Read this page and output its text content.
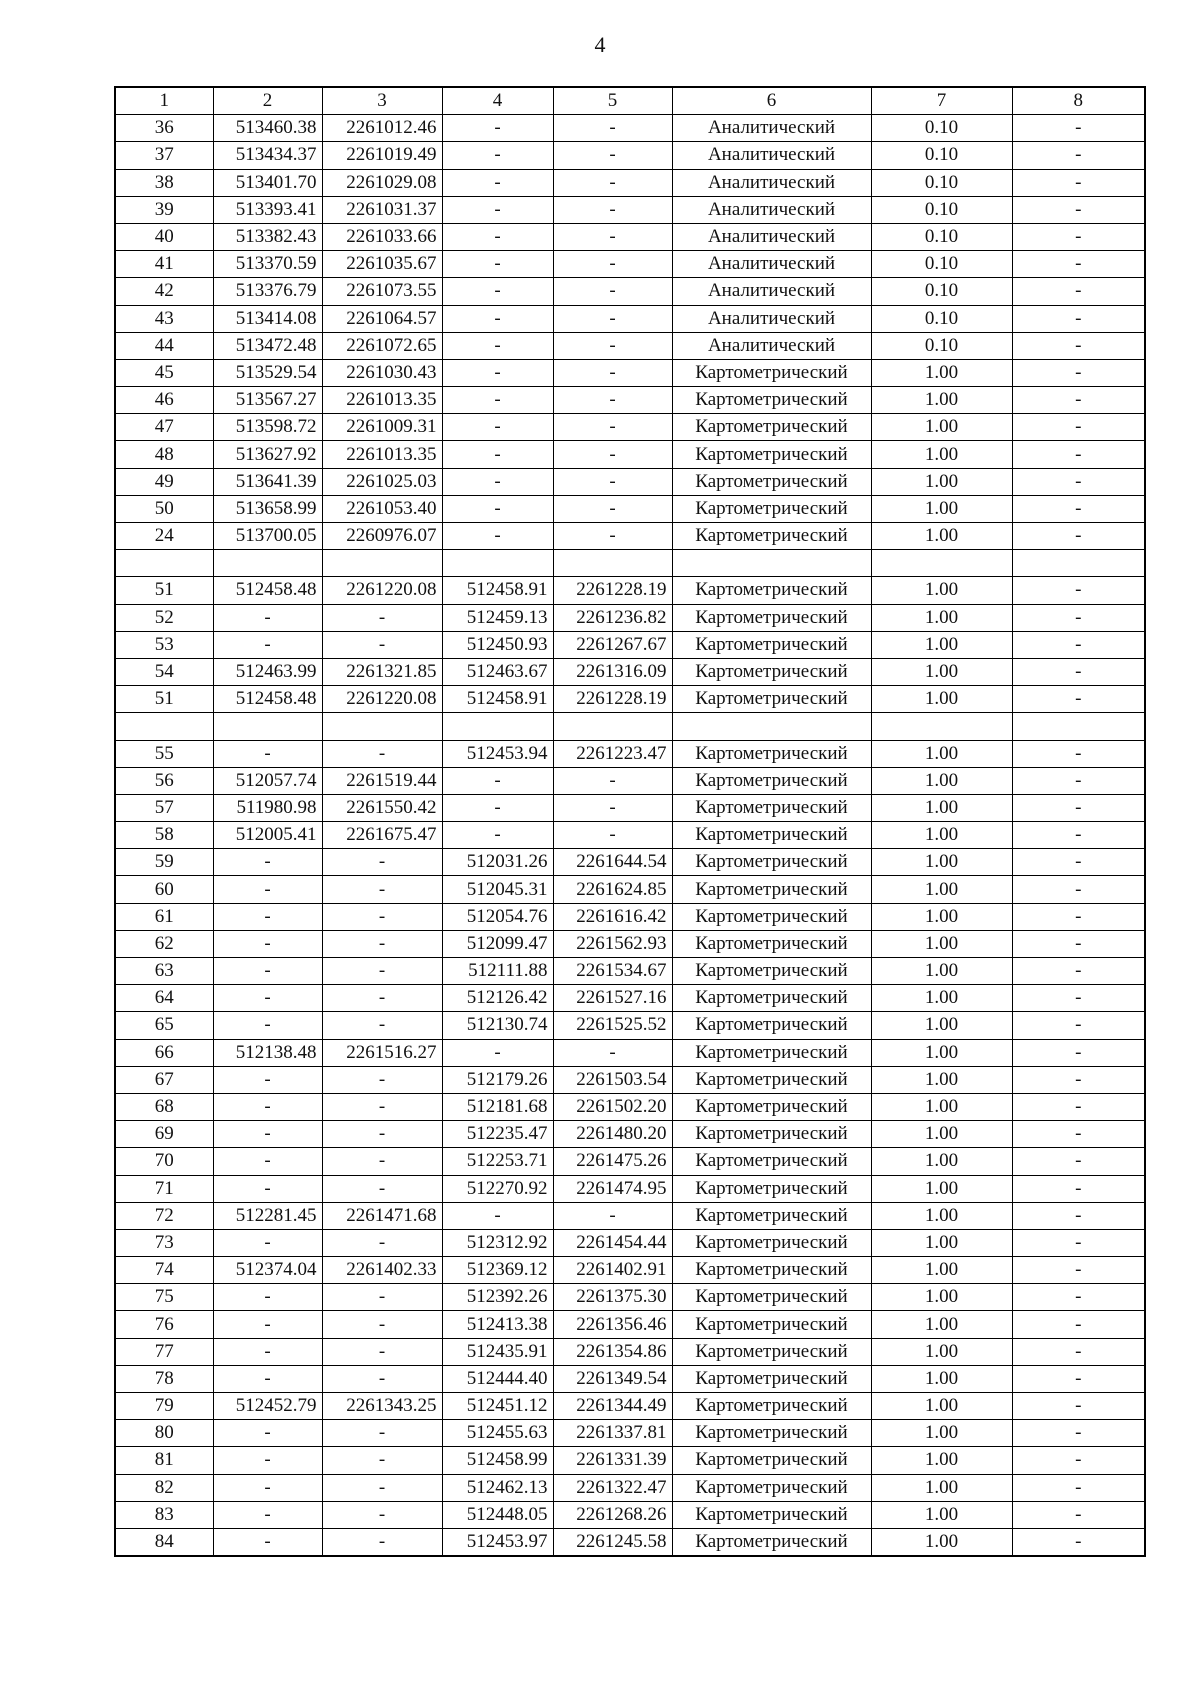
4
1	2	3	4	5	6	7	8
36	513460.38	2261012.46	-	-	Аналитический	0.10	-
37	513434.37	2261019.49	-	-	Аналитический	0.10	-
38	513401.70	2261029.08	-	-	Аналитический	0.10	-
39	513393.41	2261031.37	-	-	Аналитический	0.10	-
40	513382.43	2261033.66	-	-	Аналитический	0.10	-
41	513370.59	2261035.67	-	-	Аналитический	0.10	-
42	513376.79	2261073.55	-	-	Аналитический	0.10	-
43	513414.08	2261064.57	-	-	Аналитический	0.10	-
44	513472.48	2261072.65	-	-	Аналитический	0.10	-
45	513529.54	2261030.43	-	-	Картометрический	1.00	-
46	513567.27	2261013.35	-	-	Картометрический	1.00	-
47	513598.72	2261009.31	-	-	Картометрический	1.00	-
48	513627.92	2261013.35	-	-	Картометрический	1.00	-
49	513641.39	2261025.03	-	-	Картометрический	1.00	-
50	513658.99	2261053.40	-	-	Картометрический	1.00	-
24	513700.05	2260976.07	-	-	Картометрический	1.00	-

51	512458.48	2261220.08	512458.91	2261228.19	Картометрический	1.00	-
52	-	-	512459.13	2261236.82	Картометрический	1.00	-
53	-	-	512450.93	2261267.67	Картометрический	1.00	-
54	512463.99	2261321.85	512463.67	2261316.09	Картометрический	1.00	-
51	512458.48	2261220.08	512458.91	2261228.19	Картометрический	1.00	-

55	-	-	512453.94	2261223.47	Картометрический	1.00	-
56	512057.74	2261519.44	-	-	Картометрический	1.00	-
57	511980.98	2261550.42	-	-	Картометрический	1.00	-
58	512005.41	2261675.47	-	-	Картометрический	1.00	-
59	-	-	512031.26	2261644.54	Картометрический	1.00	-
60	-	-	512045.31	2261624.85	Картометрический	1.00	-
61	-	-	512054.76	2261616.42	Картометрический	1.00	-
62	-	-	512099.47	2261562.93	Картометрический	1.00	-
63	-	-	512111.88	2261534.67	Картометрический	1.00	-
64	-	-	512126.42	2261527.16	Картометрический	1.00	-
65	-	-	512130.74	2261525.52	Картометрический	1.00	-
66	512138.48	2261516.27	-	-	Картометрический	1.00	-
67	-	-	512179.26	2261503.54	Картометрический	1.00	-
68	-	-	512181.68	2261502.20	Картометрический	1.00	-
69	-	-	512235.47	2261480.20	Картометрический	1.00	-
70	-	-	512253.71	2261475.26	Картометрический	1.00	-
71	-	-	512270.92	2261474.95	Картометрический	1.00	-
72	512281.45	2261471.68	-	-	Картометрический	1.00	-
73	-	-	512312.92	2261454.44	Картометрический	1.00	-
74	512374.04	2261402.33	512369.12	2261402.91	Картометрический	1.00	-
75	-	-	512392.26	2261375.30	Картометрический	1.00	-
76	-	-	512413.38	2261356.46	Картометрический	1.00	-
77	-	-	512435.91	2261354.86	Картометрический	1.00	-
78	-	-	512444.40	2261349.54	Картометрический	1.00	-
79	512452.79	2261343.25	512451.12	2261344.49	Картометрический	1.00	-
80	-	-	512455.63	2261337.81	Картометрический	1.00	-
81	-	-	512458.99	2261331.39	Картометрический	1.00	-
82	-	-	512462.13	2261322.47	Картометрический	1.00	-
83	-	-	512448.05	2261268.26	Картометрический	1.00	-
84	-	-	512453.97	2261245.58	Картометрический	1.00	-
